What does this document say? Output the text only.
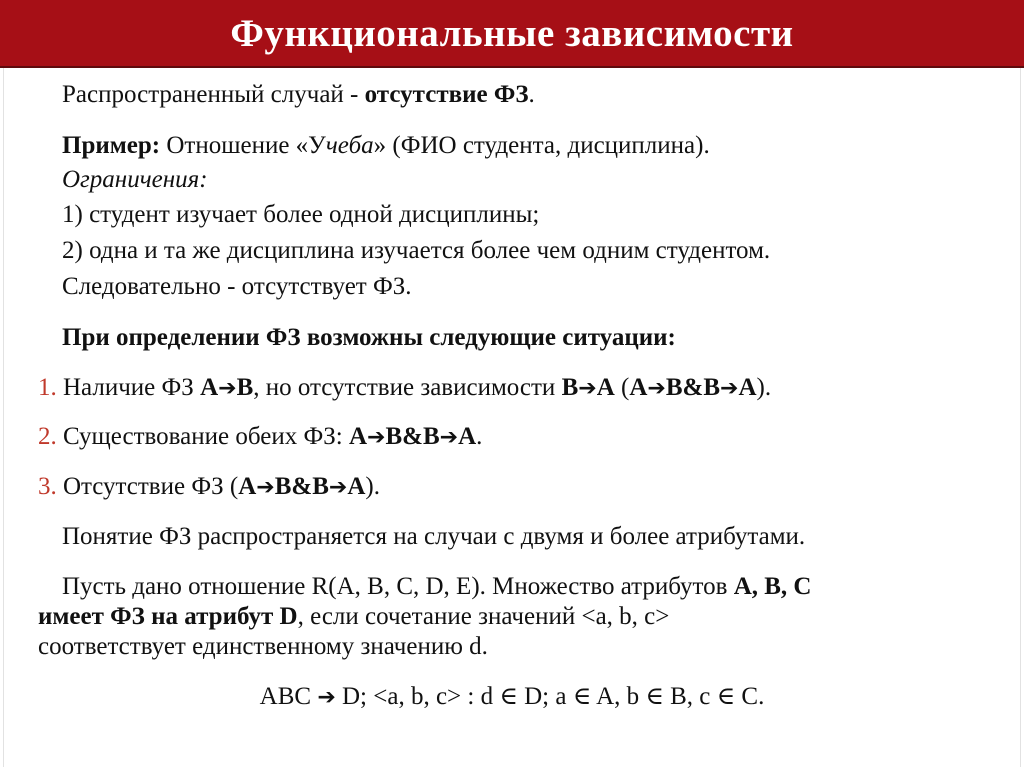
Функциональные зависимости
Распространенный случай - отсутствие ФЗ.
Пример: Отношение «Учеба» (ФИО студента, дисциплина).
Ограничения:
1) студент изучает более одной дисциплины;
2) одна и та же дисциплина изучается более чем одним студентом.
Следовательно - отсутствует ФЗ.
При определении ФЗ возможны следующие ситуации:
1. Наличие ФЗ A➔B, но отсутствие зависимости B➔A (A➔B&B➔A).
2. Существование обеих ФЗ: A➔B&B➔A.
3. Отсутствие ФЗ (A➔B&B➔A).
Понятие ФЗ распространяется на случаи с двумя и более атрибутами.
Пусть дано отношение R(A, B, C, D, E). Множество атрибутов A, B, C
имеет ФЗ на атрибут D, если сочетание значений <a, b, c>
соответствует единственному значению d.
ABC ➔ D; <a, b, c> : d ∈ D; a ∈ A, b ∈ B, c ∈ C.
